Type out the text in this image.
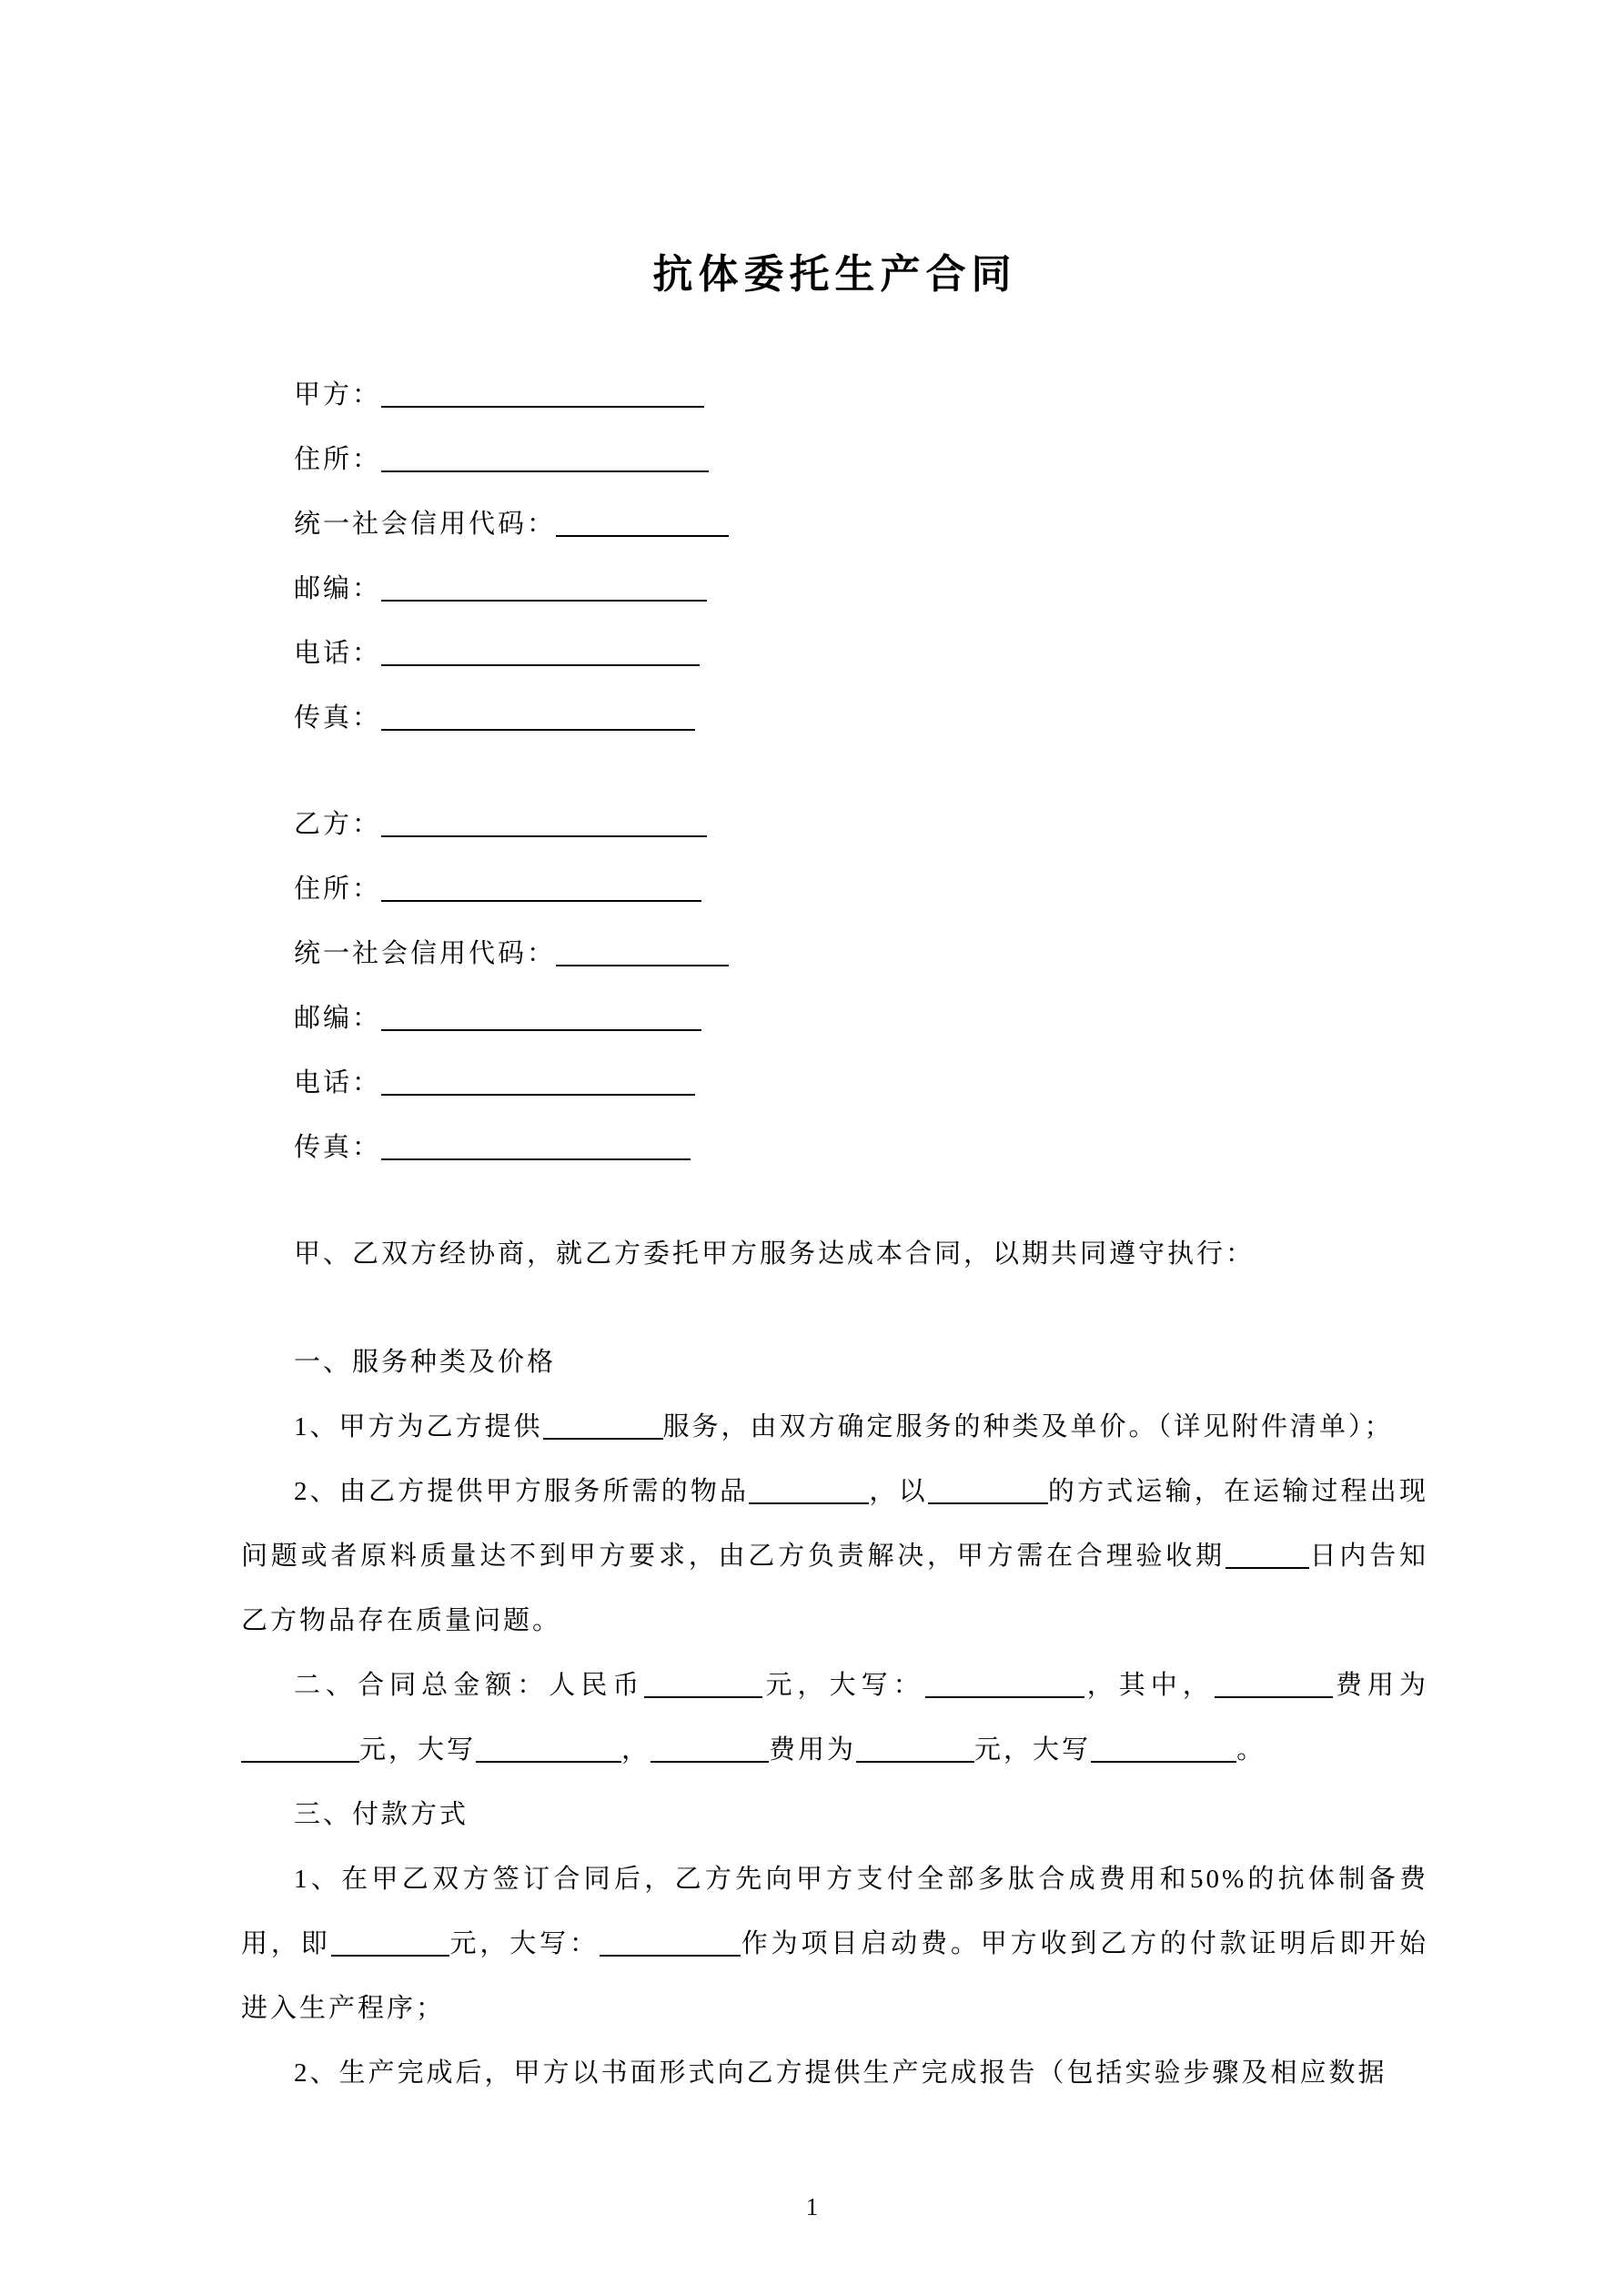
抗体委托生产合同
甲方：
住所：
统一社会信用代码：
邮编：
电话：
传真：
乙方：
住所：
统一社会信用代码：
邮编：
电话：
传真：

甲、乙双方经协商，就乙方委托甲方服务达成本合同，以期共同遵守执行：

一、服务种类及价格

1、甲方为乙方提供	服务，由双方确定服务的种类及单价。（详见附件清单）；

2、由乙方提供甲方服务所需的物品	，以	的方式运输，在运输过程出现问题或者原料质量达不到甲方要求，由乙方负责解决，甲方需在合理验收期	日内告知乙方物品存在质量问题。

二、合同总金额：人民币	元，大写：	，其中，	费用为元，大写	，	费用为	元，大写	。

三、付款方式

1、在甲乙双方签订合同后，乙方先向甲方支付全部多肽合成费用和50%的抗体制备费用，即	元，大写：	作为项目启动费。甲方收到乙方的付款证明后即开始进入生产程序；

2、生产完成后，甲方以书面形式向乙方提供生产完成报告（包括实验步骤及相应数据

1
